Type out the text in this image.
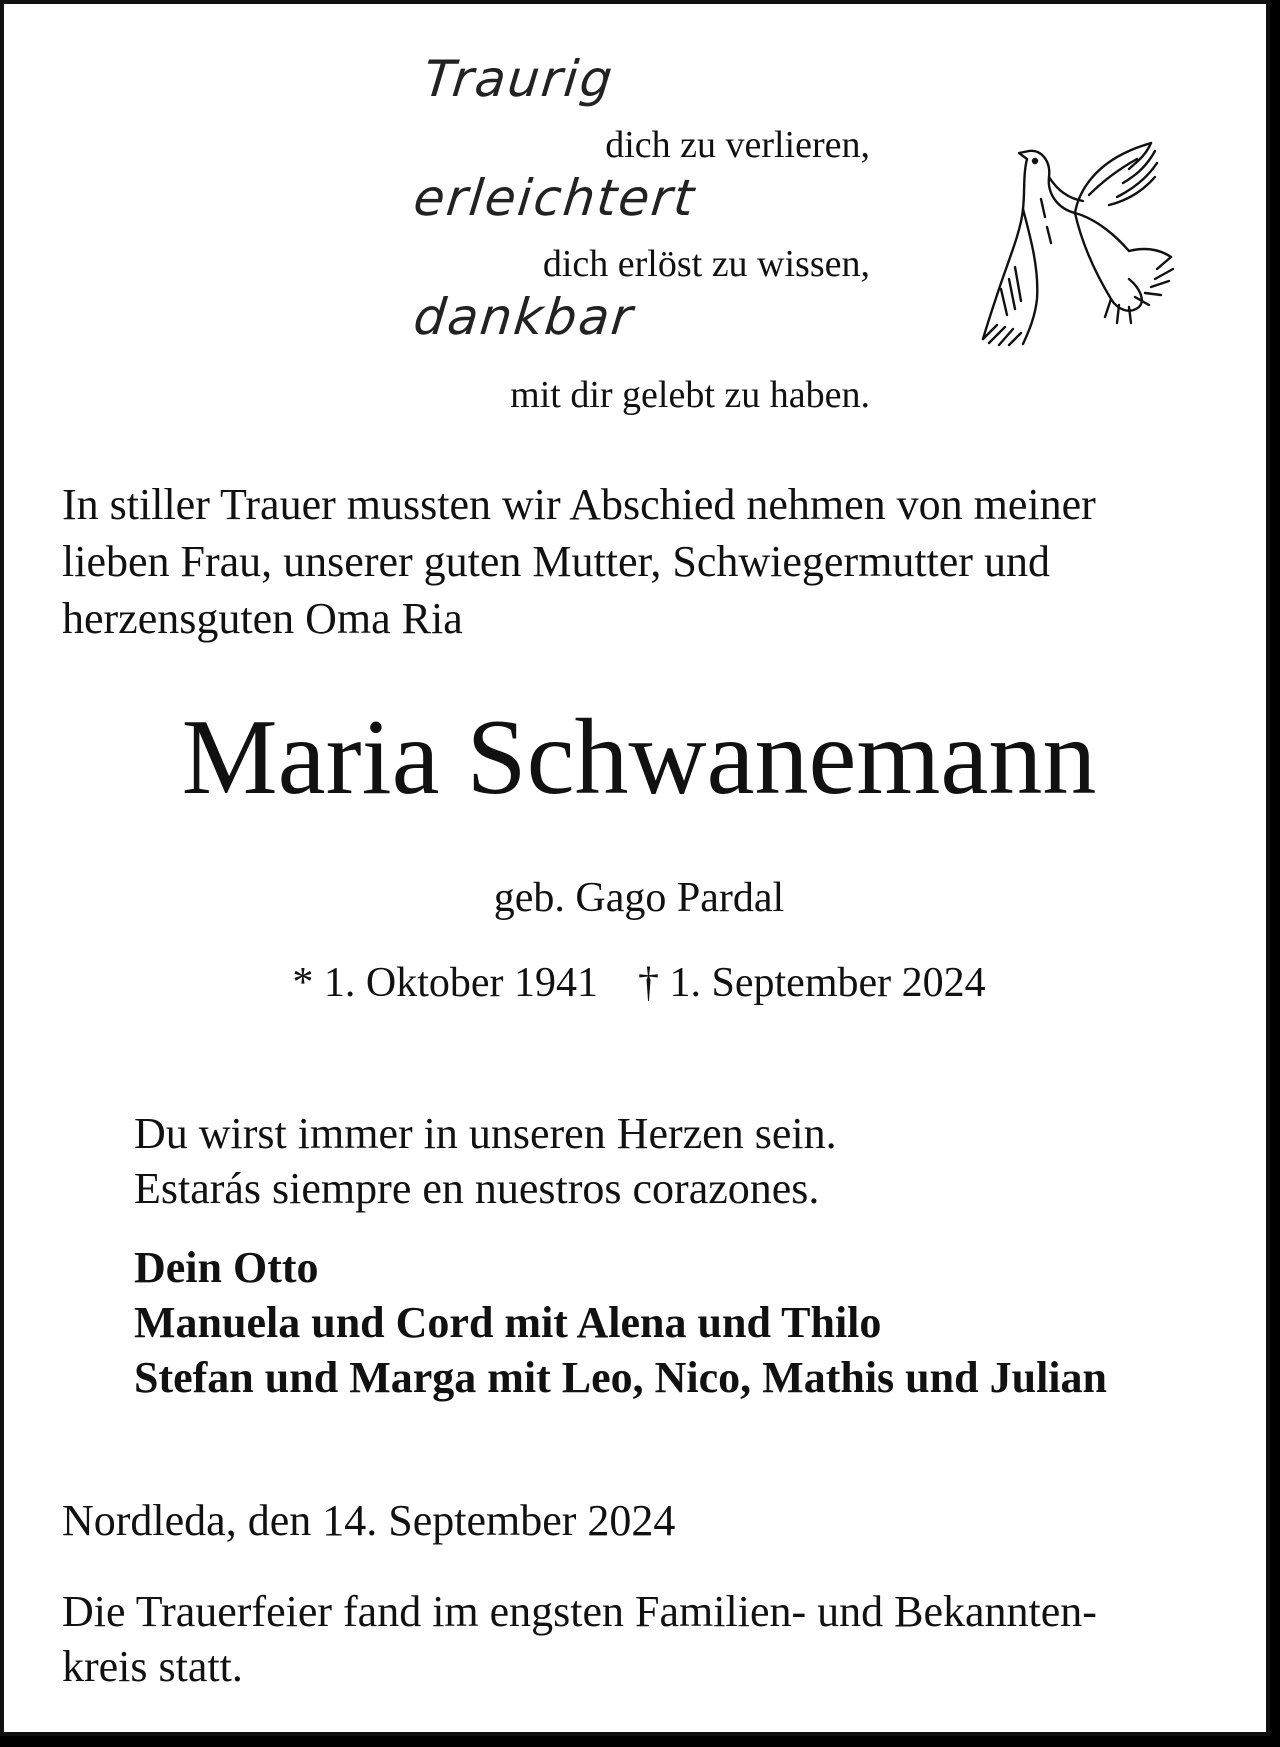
Traurig
dich zu verlieren,
erleichtert
dich erlöst zu wissen,
dankbar
mit dir gelebt zu haben.
In stiller Trauer mussten wir Abschied nehmen von meiner
lieben Frau, unserer guten Mutter, Schwiegermutter und
herzensguten Oma Ria
Maria Schwanemann
geb. Gago Pardal
* 1. Oktober 1941 † 1. September 2024
Du wirst immer in unseren Herzen sein.
Estarás siempre en nuestros corazones.
Dein Otto
Manuela und Cord mit Alena und Thilo
Stefan und Marga mit Leo, Nico, Mathis und Julian
Nordleda, den 14. September 2024
Die Trauerfeier fand im engsten Familien- und Bekannten-
kreis statt.
